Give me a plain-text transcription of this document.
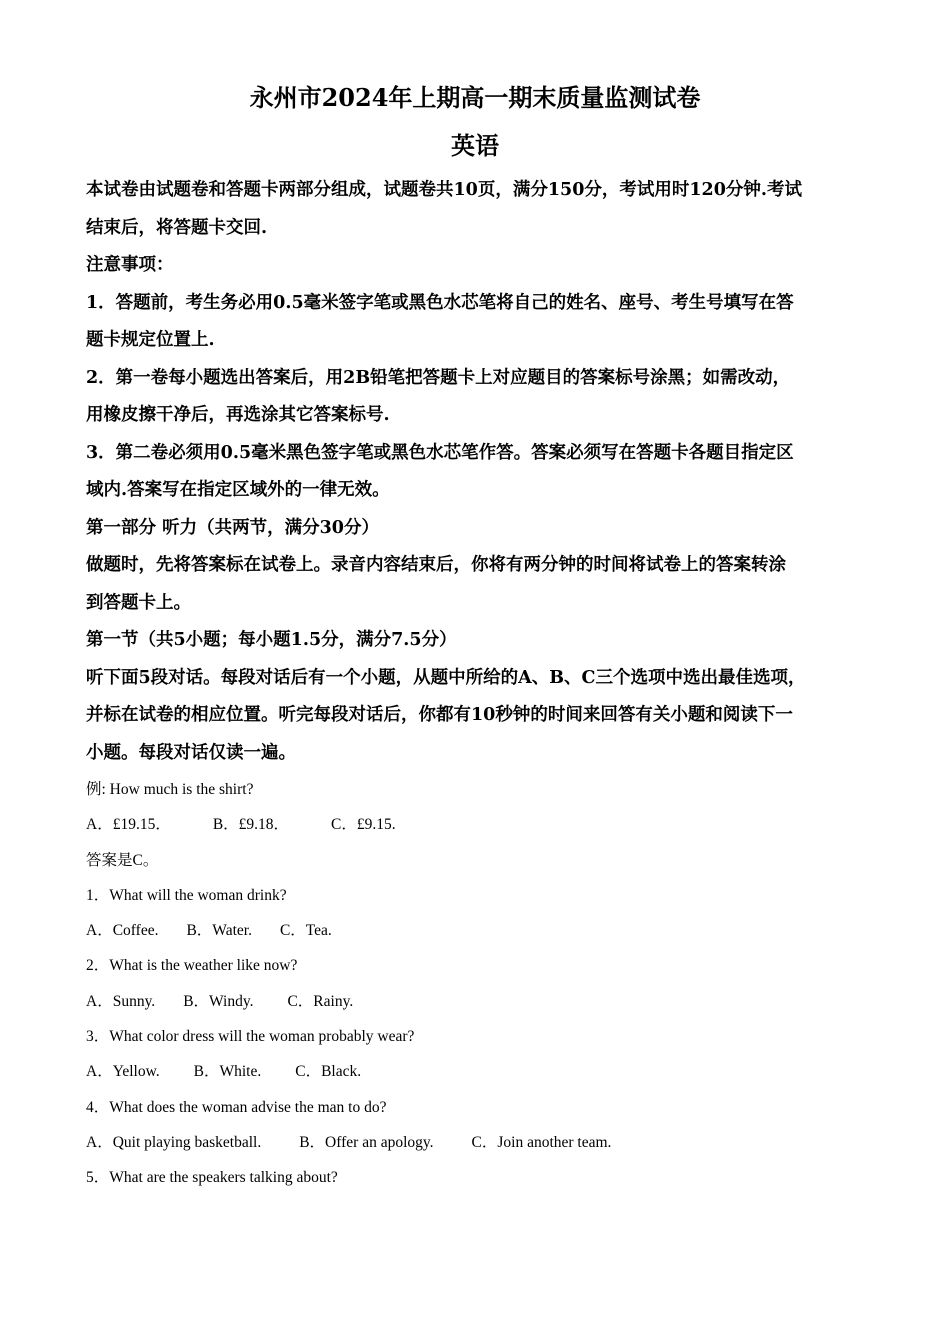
永州市2024年上期高一期末质量监测试卷
英语

本试卷由试题卷和答题卡两部分组成，试题卷共10页，满分150分，考试用时120分钟.考试

结束后，将答题卡交回.

注意事项：

1．答题前，考生务必用0.5毫米签字笔或黑色水芯笔将自己的姓名、座号、考生号填写在答

题卡规定位置上.

2．第一卷每小题选出答案后，用2B铅笔把答题卡上对应题目的答案标号涂黑；如需改动，

用橡皮擦干净后，再选涂其它答案标号.

3．第二卷必须用0.5毫米黑色签字笔或黑色水芯笔作答。答案必须写在答题卡各题目指定区

域内.答案写在指定区域外的一律无效。

第一部分 听力（共两节，满分30分）

做题时，先将答案标在试卷上。录音内容结束后，你将有两分钟的时间将试卷上的答案转涂

到答题卡上。

第一节（共5小题；每小题1.5分，满分7.5分）

听下面5段对话。每段对话后有一个小题，从题中所给的A、B、C三个选项中选出最佳选项，

并标在试卷的相应位置。听完每段对话后，你都有10秒钟的时间来回答有关小题和阅读下一

小题。每段对话仅读一遍。

例: How much is the shirt?

A．£19.15．	B．£9.18．	C．£9.15.

答案是C。

1．What will the woman drink?

A．Coffee. B．Water. C．Tea.

2．What is the weather like now?

A．Sunny. B．Windy. C．Rainy.

3．What color dress will the woman probably wear?

A．Yellow. B．White. C．Black.

4．What does the woman advise the man to do?

A．Quit playing basketball. B．Offer an apology. C．Join another team.

5．What are the speakers talking about?
